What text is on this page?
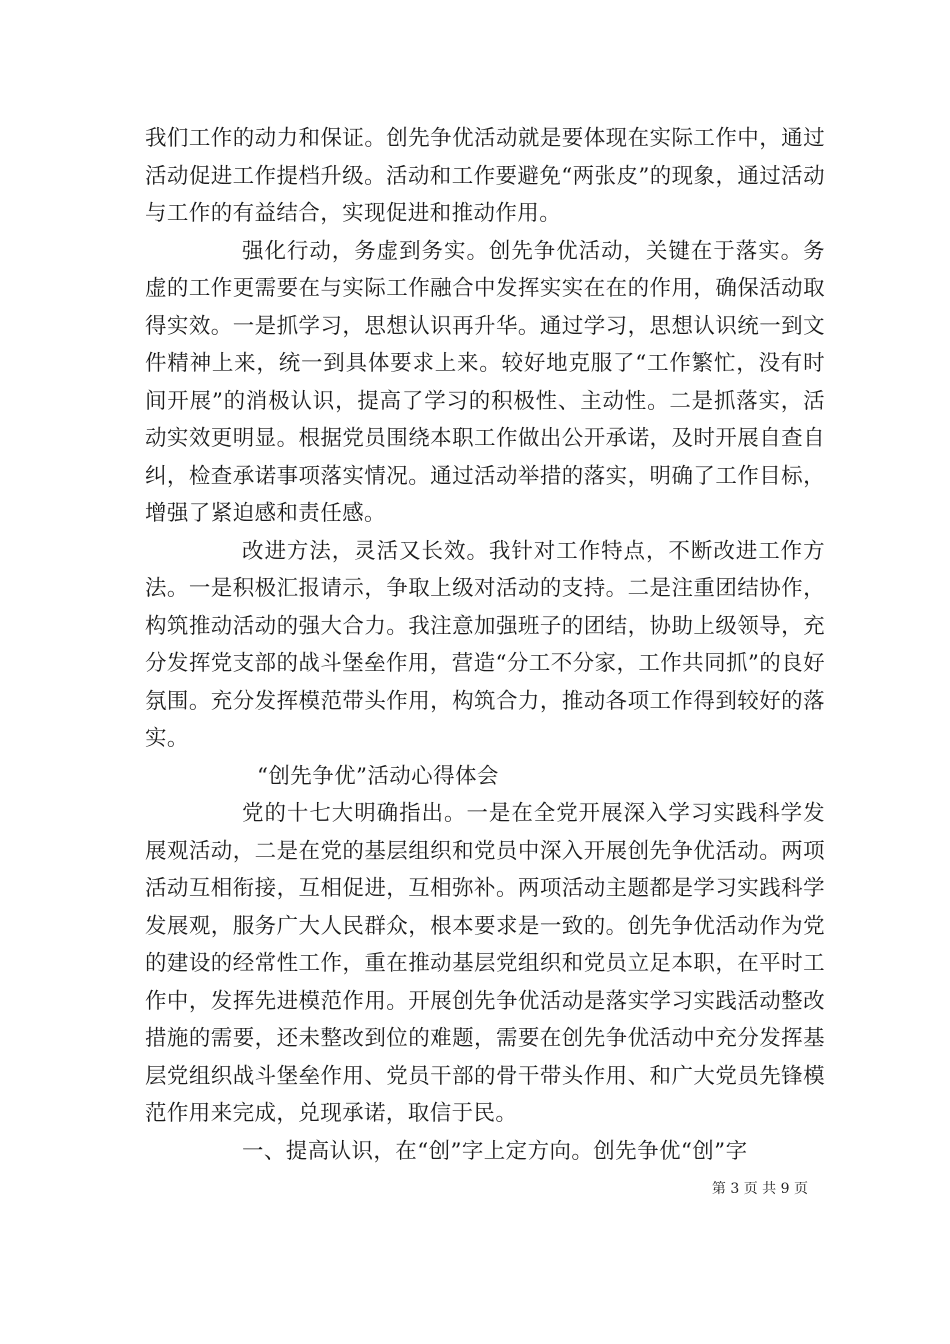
我们工作的动力和保证。创先争优活动就是要体现在实际工作中，通过活动促进工作提档升级。活动和工作要避免“两张皮”的现象，通过活动与工作的有益结合，实现促进和推动作用。

强化行动，务虚到务实。创先争优活动，关键在于落实。务虚的工作更需要在与实际工作融合中发挥实实在在的作用，确保活动取得实效。一是抓学习，思想认识再升华。通过学习，思想认识统一到文件精神上来，统一到具体要求上来。较好地克服了“工作繁忙，没有时间开展”的消极认识，提高了学习的积极性、主动性。二是抓落实，活动实效更明显。根据党员围绕本职工作做出公开承诺，及时开展自查自纠，检查承诺事项落实情况。通过活动举措的落实，明确了工作目标，增强了紧迫感和责任感。

改进方法，灵活又长效。我针对工作特点，不断改进工作方法。一是积极汇报请示，争取上级对活动的支持。二是注重团结协作，构筑推动活动的强大合力。我注意加强班子的团结，协助上级领导，充分发挥党支部的战斗堡垒作用，营造“分工不分家，工作共同抓”的良好氛围。充分发挥模范带头作用，构筑合力，推动各项工作得到较好的落实。

“创先争优”活动心得体会

党的十七大明确指出。一是在全党开展深入学习实践科学发展观活动，二是在党的基层组织和党员中深入开展创先争优活动。两项活动互相衔接，互相促进，互相弥补。两项活动主题都是学习实践科学发展观，服务广大人民群众，根本要求是一致的。创先争优活动作为党的建设的经常性工作，重在推动基层党组织和党员立足本职，在平时工作中，发挥先进模范作用。开展创先争优活动是落实学习实践活动整改措施的需要，还未整改到位的难题，需要在创先争优活动中充分发挥基层党组织战斗堡垒作用、党员干部的骨干带头作用、和广大党员先锋模范作用来完成，兑现承诺，取信于民。

一、提高认识，在“创”字上定方向。创先争优“创”字

第 3 页 共 9 页
